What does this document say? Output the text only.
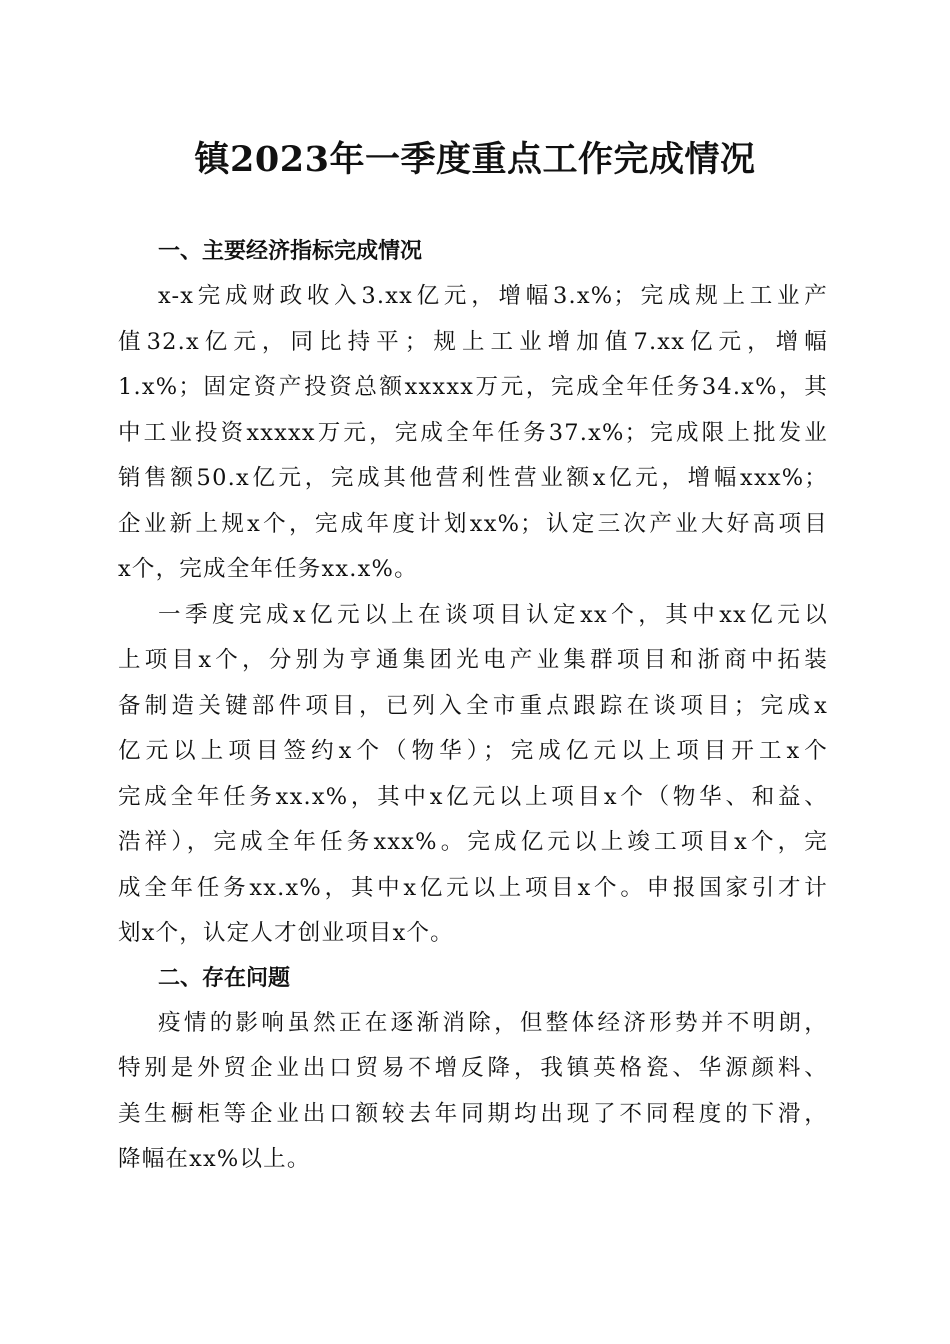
镇2023年一季度重点工作完成情况
一、主要经济指标完成情况

x-x完成财政收入3.xx亿元，增幅3.x%；完成规上工业产
值32.x亿元，同比持平；规上工业增加值7.xx亿元，增幅
1.x%；固定资产投资总额xxxxx万元，完成全年任务34.x%，其
中工业投资xxxxx万元，完成全年任务37.x%；完成限上批发业
销售额50.x亿元，完成其他营利性营业额x亿元，增幅xxx%；
企业新上规x个，完成年度计划xx%；认定三次产业大好高项目
x个，完成全年任务xx.x%。

一季度完成x亿元以上在谈项目认定xx个，其中xx亿元以
上项目x个，分别为亨通集团光电产业集群项目和浙商中拓装
备制造关键部件项目，已列入全市重点跟踪在谈项目；完成x
亿元以上项目签约x个（物华）；完成亿元以上项目开工x个
完成全年任务xx.x%，其中x亿元以上项目x个（物华、和益、
浩祥），完成全年任务xxx%。完成亿元以上竣工项目x个，完
成全年任务xx.x%，其中x亿元以上项目x个。申报国家引才计
划x个，认定人才创业项目x个。

二、存在问题

疫情的影响虽然正在逐渐消除，但整体经济形势并不明朗，
特别是外贸企业出口贸易不增反降，我镇英格瓷、华源颜料、
美生橱柜等企业出口额较去年同期均出现了不同程度的下滑，
降幅在xx%以上。
